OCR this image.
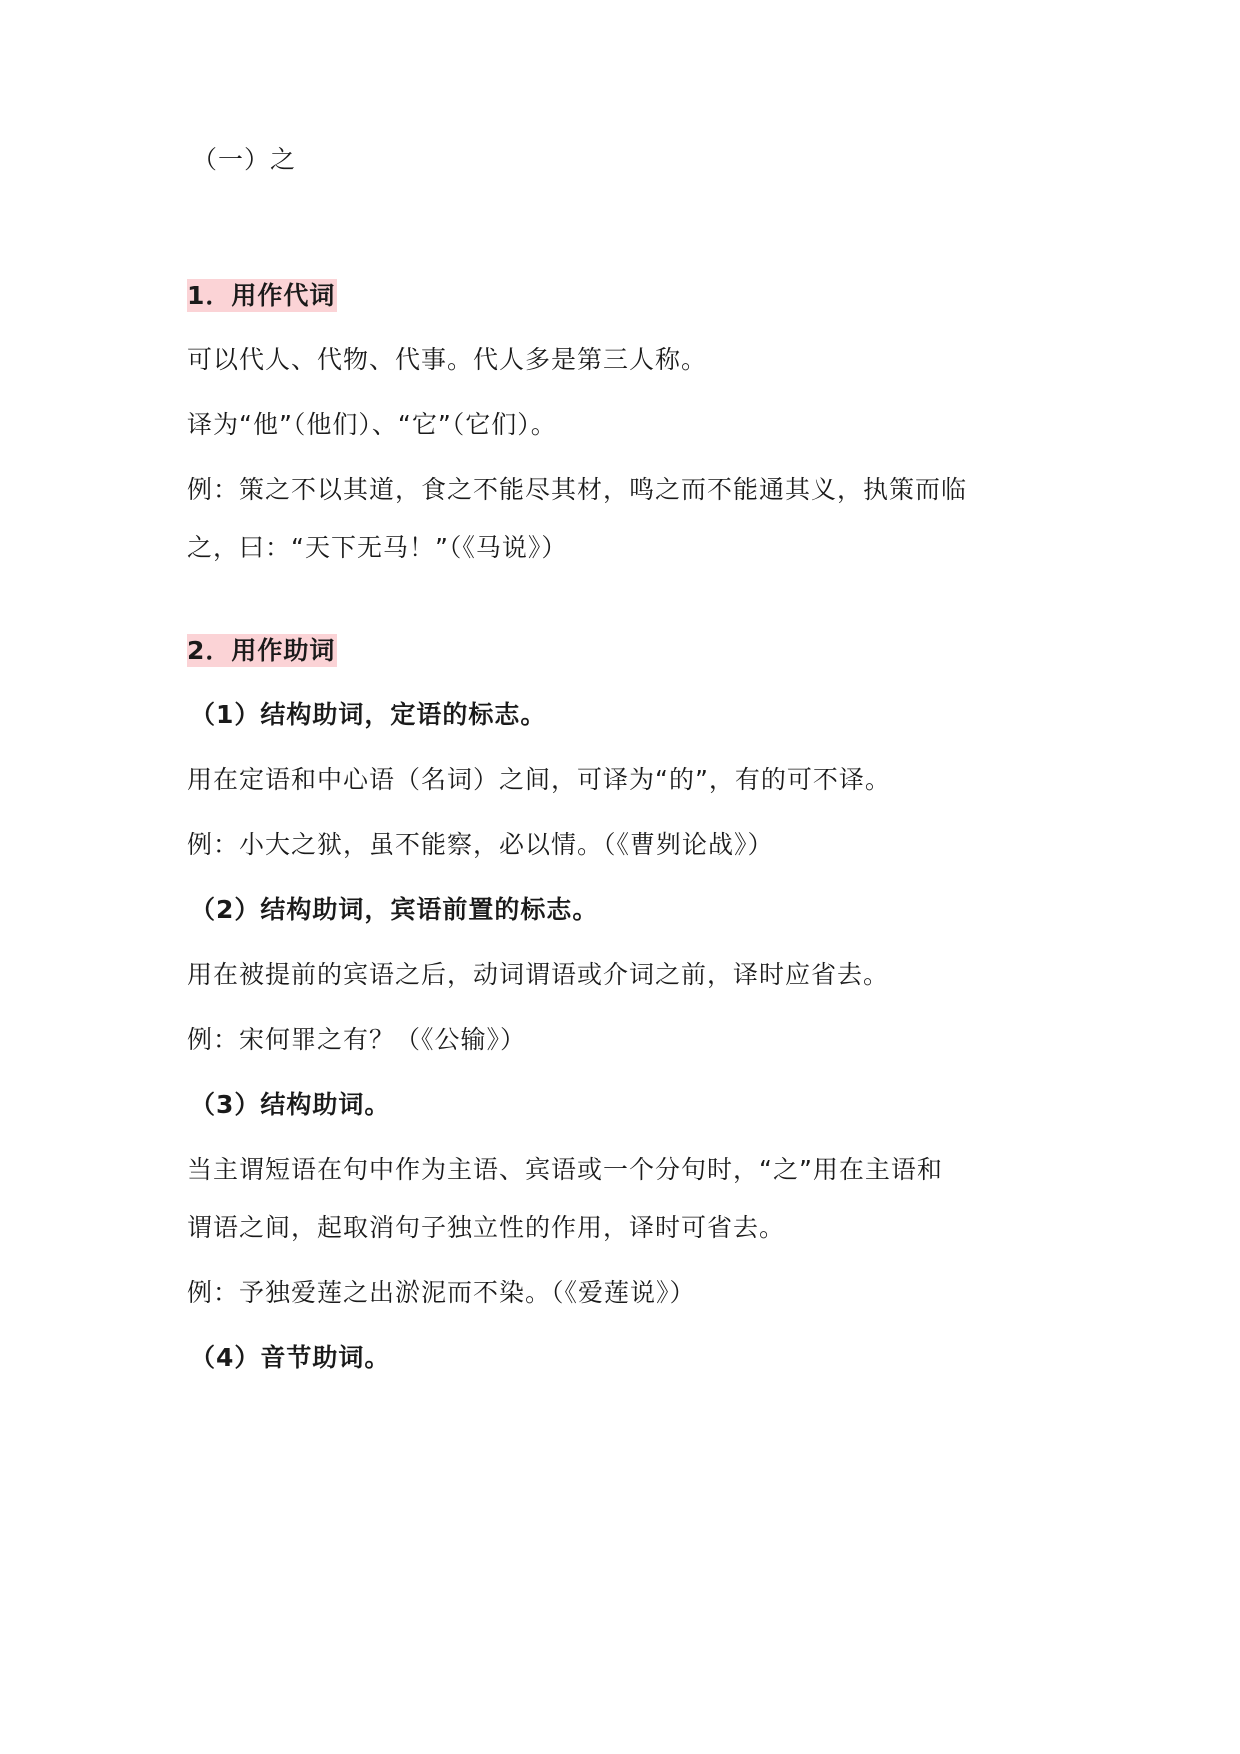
（一）之
1．用作代词
可以代人、代物、代事。代人多是第三人称。
译为“他”（他们）、“它”（它们）。
例：策之不以其道，食之不能尽其材，鸣之而不能通其义，执策而临
之，曰：“天下无马！”（《马说》）
2．用作助词
（1）结构助词，定语的标志。
用在定语和中心语（名词）之间，可译为“的”，有的可不译。
例：小大之狱，虽不能察，必以情。（《曹刿论战》）
（2）结构助词，宾语前置的标志。
用在被提前的宾语之后，动词谓语或介词之前，译时应省去。
例：宋何罪之有？（《公输》）
（3）结构助词。
当主谓短语在句中作为主语、宾语或一个分句时，“之”用在主语和
谓语之间，起取消句子独立性的作用，译时可省去。
例：予独爱莲之出淤泥而不染。（《爱莲说》）
（4）音节助词。
